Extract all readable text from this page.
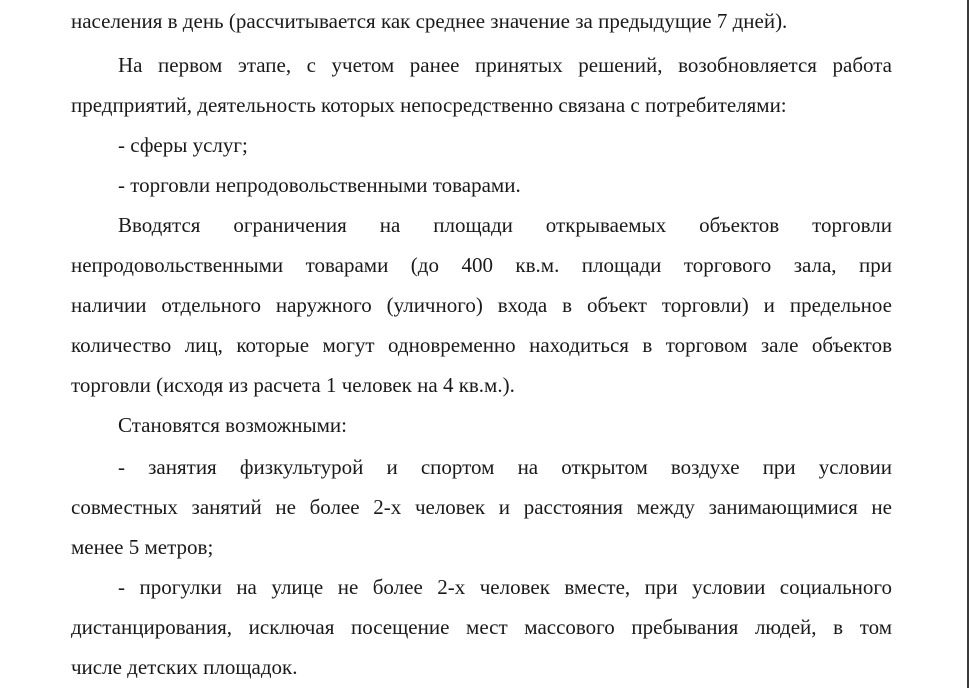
населения в день (рассчитывается как среднее значение за предыдущие 7 дней).
На первом этапе, с учетом ранее принятых решений, возобновляется работа
предприятий, деятельность которых непосредственно связана с потребителями:
- сферы услуг;
- торговли непродовольственными товарами.
Вводятся ограничения на площади открываемых объектов торговли
непродовольственными товарами (до 400 кв.м. площади торгового зала, при
наличии отдельного наружного (уличного) входа в объект торговли) и предельное
количество лиц, которые могут одновременно находиться в торговом зале объектов
торговли (исходя из расчета 1 человек на 4 кв.м.).
Становятся возможными:
- занятия физкультурой и спортом на открытом воздухе при условии
совместных занятий не более 2-х человек и расстояния между занимающимися не
менее 5 метров;
- прогулки на улице не более 2-х человек вместе, при условии социального
дистанцирования, исключая посещение мест массового пребывания людей, в том
числе детских площадок.
